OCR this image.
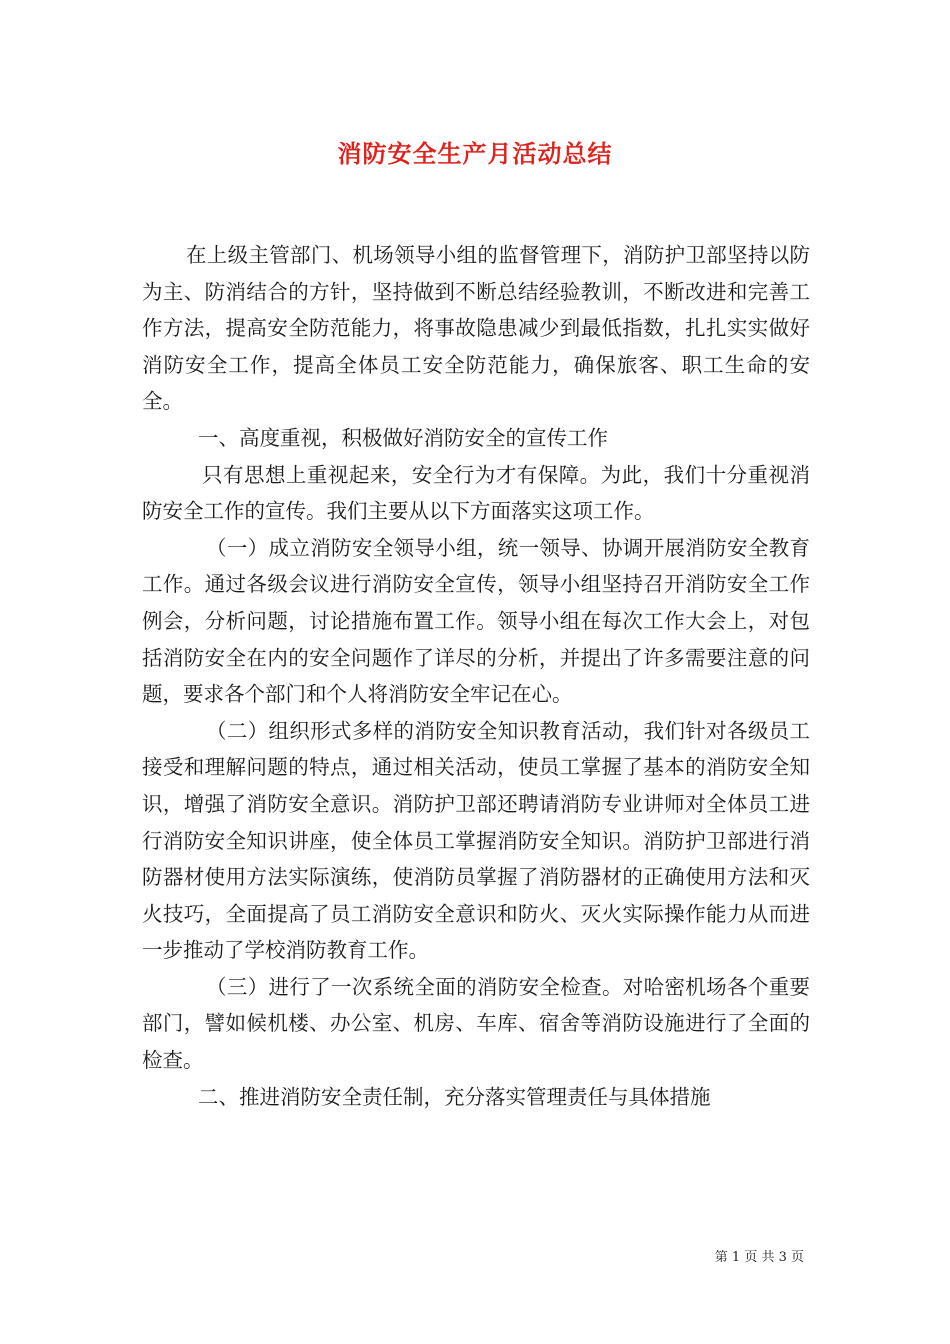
消防安全生产月活动总结

在上级主管部门、机场领导小组的监督管理下，消防护卫部坚持以防为主、防消结合的方针，坚持做到不断总结经验教训，不断改进和完善工作方法，提高安全防范能力，将事故隐患减少到最低指数，扎扎实实做好消防安全工作，提高全体员工安全防范能力，确保旅客、职工生命的安全。

一、高度重视，积极做好消防安全的宣传工作

只有思想上重视起来，安全行为才有保障。为此，我们十分重视消防安全工作的宣传。我们主要从以下方面落实这项工作。

（一）成立消防安全领导小组，统一领导、协调开展消防安全教育工作。通过各级会议进行消防安全宣传，领导小组坚持召开消防安全工作例会，分析问题，讨论措施布置工作。领导小组在每次工作大会上，对包括消防安全在内的安全问题作了详尽的分析，并提出了许多需要注意的问题，要求各个部门和个人将消防安全牢记在心。

（二）组织形式多样的消防安全知识教育活动，我们针对各级员工接受和理解问题的特点，通过相关活动，使员工掌握了基本的消防安全知识，增强了消防安全意识。消防护卫部还聘请消防专业讲师对全体员工进行消防安全知识讲座，使全体员工掌握消防安全知识。消防护卫部进行消防器材使用方法实际演练，使消防员掌握了消防器材的正确使用方法和灭火技巧，全面提高了员工消防安全意识和防火、灭火实际操作能力从而进一步推动了学校消防教育工作。

（三）进行了一次系统全面的消防安全检查。对哈密机场各个重要部门，譬如候机楼、办公室、机房、车库、宿舍等消防设施进行了全面的检查。

二、推进消防安全责任制，充分落实管理责任与具体措施

第 1 页 共 3 页
